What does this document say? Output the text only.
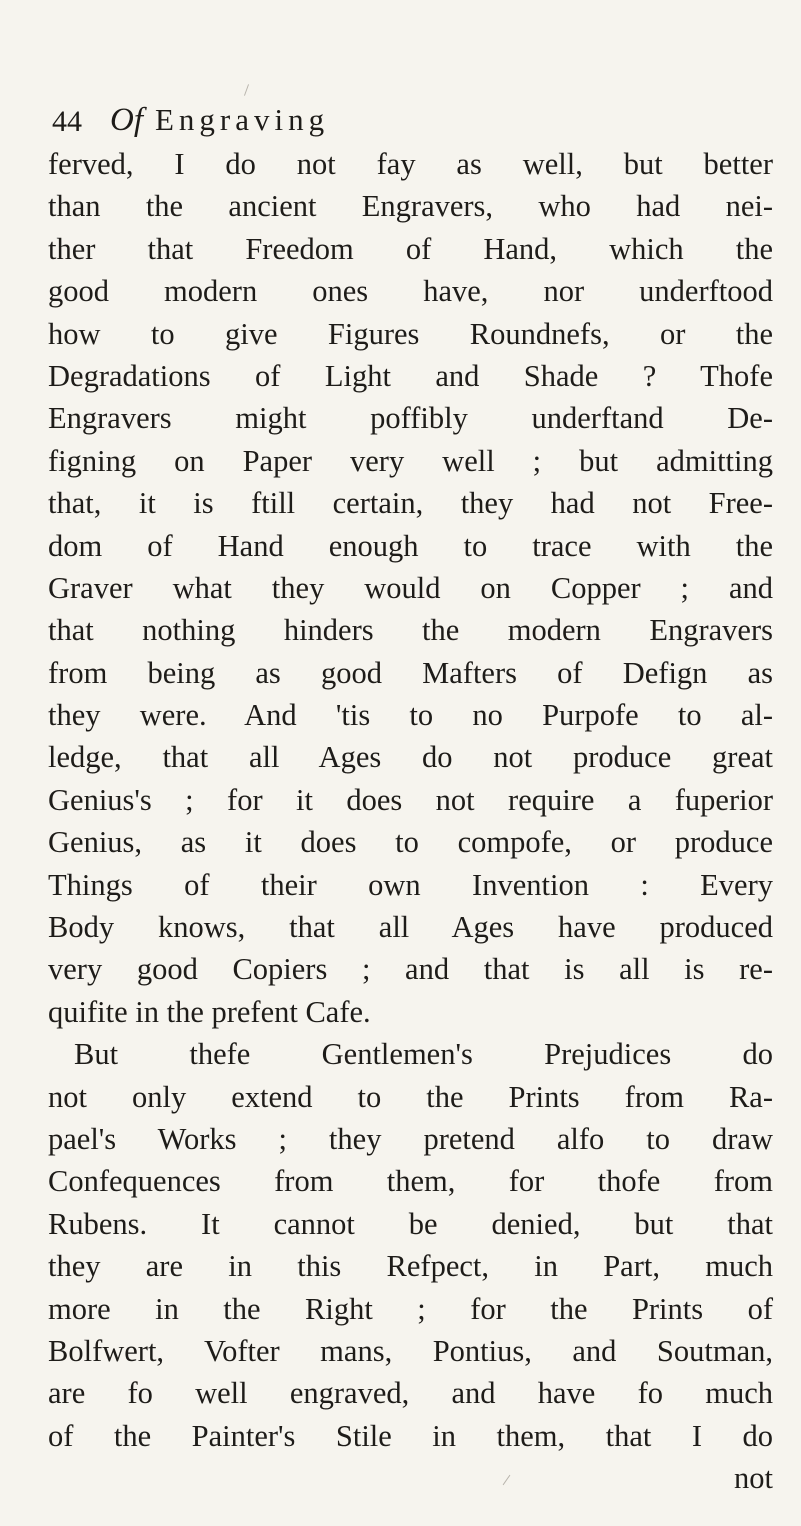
44 Of Engraving
ferved, I do not fay as well, but better
than the ancient Engravers, who had nei-
ther that Freedom of Hand, which the
good modern ones have, nor underftood
how to give Figures Roundnefs, or the
Degradations of Light and Shade ? Thofe
Engravers might poffibly underftand De-
figning on Paper very well ; but admitting
that, it is ftill certain, they had not Free-
dom of Hand enough to trace with the
Graver what they would on Copper ; and
that nothing hinders the modern Engravers
from being as good Mafters of Defign as
they were. And 'tis to no Purpofe to al-
ledge, that all Ages do not produce great
Genius's ; for it does not require a fuperior
Genius, as it does to compofe, or produce
Things of their own Invention : Every
Body knows, that all Ages have produced
very good Copiers ; and that is all is re-
quifite in the prefent Cafe.
But thefe Gentlemen's Prejudices do
not only extend to the Prints from Ra-
pael's Works ; they pretend alfo to draw
Confequences from them, for thofe from
Rubens. It cannot be denied, but that
they are in this Refpect, in Part, much
more in the Right ; for the Prints of
Bolfwert, Vofter mans, Pontius, and Soutman,
are fo well engraved, and have fo much
of the Painter's Stile in them, that I do
not
